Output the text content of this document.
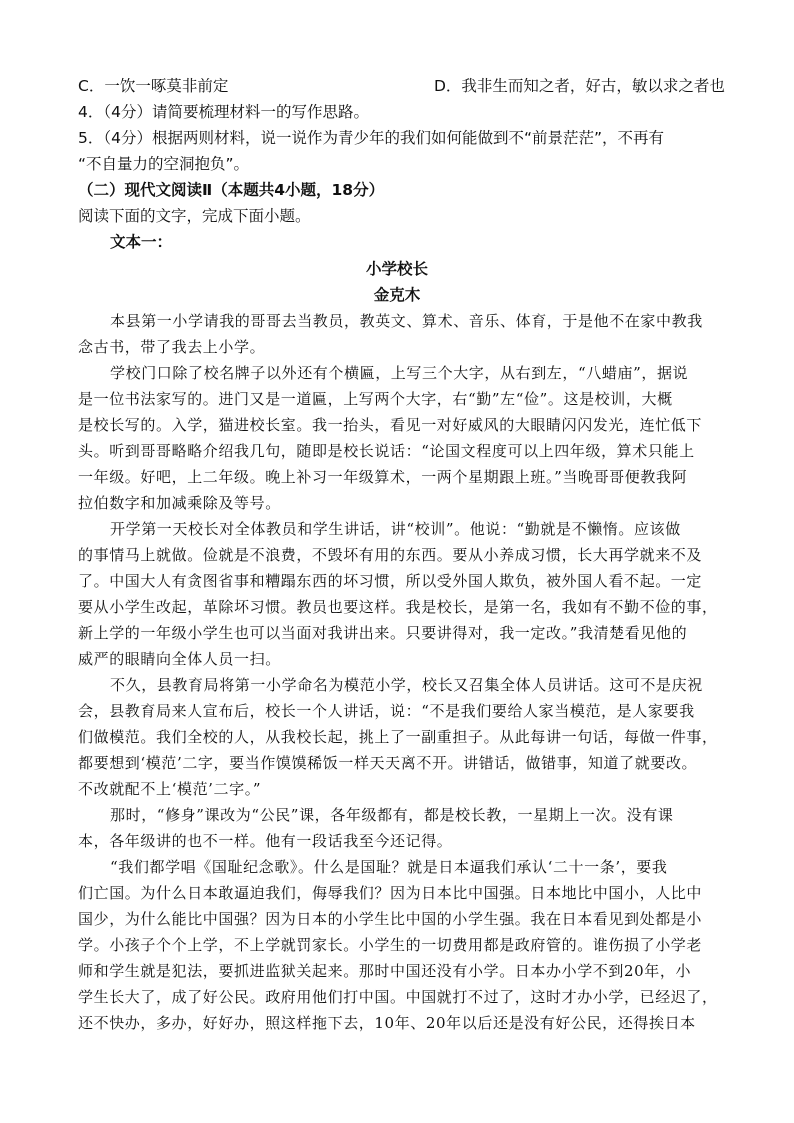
C．一饮一啄莫非前定	D．我非生而知之者，好古，敏以求之者也
4．（4分）请简要梳理材料一的写作思路。
5．（4分）根据两则材料，说一说作为青少年的我们如何能做到不“前景茫茫”，不再有
“不自量力的空洞抱负”。
（二）现代文阅读Ⅱ（本题共4小题，18分）
阅读下面的文字，完成下面小题。
文本一：
小学校长
金克木
本县第一小学请我的哥哥去当教员，教英文、算术、音乐、体育，于是他不在家中教我
念古书，带了我去上小学。
学校门口除了校名牌子以外还有个横匾，上写三个大字，从右到左，“八蜡庙”，据说
是一位书法家写的。进门又是一道匾，上写两个大字，右“勤”左“俭”。这是校训，大概
是校长写的。入学，猫进校长室。我一抬头，看见一对好威风的大眼睛闪闪发光，连忙低下
头。听到哥哥略略介绍我几句，随即是校长说话：“论国文程度可以上四年级，算术只能上
一年级。好吧，上二年级。晚上补习一年级算术，一两个星期跟上班。”当晚哥哥便教我阿
拉伯数字和加减乘除及等号。
开学第一天校长对全体教员和学生讲话，讲“校训”。他说：“勤就是不懒惰。应该做
的事情马上就做。俭就是不浪费，不毁坏有用的东西。要从小养成习惯，长大再学就来不及
了。中国大人有贪图省事和糟蹋东西的坏习惯，所以受外国人欺负，被外国人看不起。一定
要从小学生改起，革除坏习惯。教员也要这样。我是校长，是第一名，我如有不勤不俭的事，
新上学的一年级小学生也可以当面对我讲出来。只要讲得对，我一定改。”我清楚看见他的
威严的眼睛向全体人员一扫。
不久，县教育局将第一小学命名为模范小学，校长又召集全体人员讲话。这可不是庆祝
会，县教育局来人宣布后，校长一个人讲话，说：“不是我们要给人家当模范，是人家要我
们做模范。我们全校的人，从我校长起，挑上了一副重担子。从此每讲一句话，每做一件事，
都要想到‘模范’二字，要当作馍馍稀饭一样天天离不开。讲错话，做错事，知道了就要改。
不改就配不上‘模范’二字。”
那时，“修身”课改为“公民”课，各年级都有，都是校长教，一星期上一次。没有课
本，各年级讲的也不一样。他有一段话我至今还记得。
“我们都学唱《国耻纪念歌》。什么是国耻？就是日本逼我们承认‘二十一条’，要我
们亡国。为什么日本敢逼迫我们，侮辱我们？因为日本比中国强。日本地比中国小，人比中
国少，为什么能比中国强？因为日本的小学生比中国的小学生强。我在日本看见到处都是小
学。小孩子个个上学，不上学就罚家长。小学生的一切费用都是政府管的。谁伤损了小学老
师和学生就是犯法，要抓进监狱关起来。那时中国还没有小学。日本办小学不到20年，小
学生长大了，成了好公民。政府用他们打中国。中国就打不过了，这时才办小学，已经迟了，
还不快办，多办，好好办，照这样拖下去，10年、20年以后还是没有好公民，还得挨日本
